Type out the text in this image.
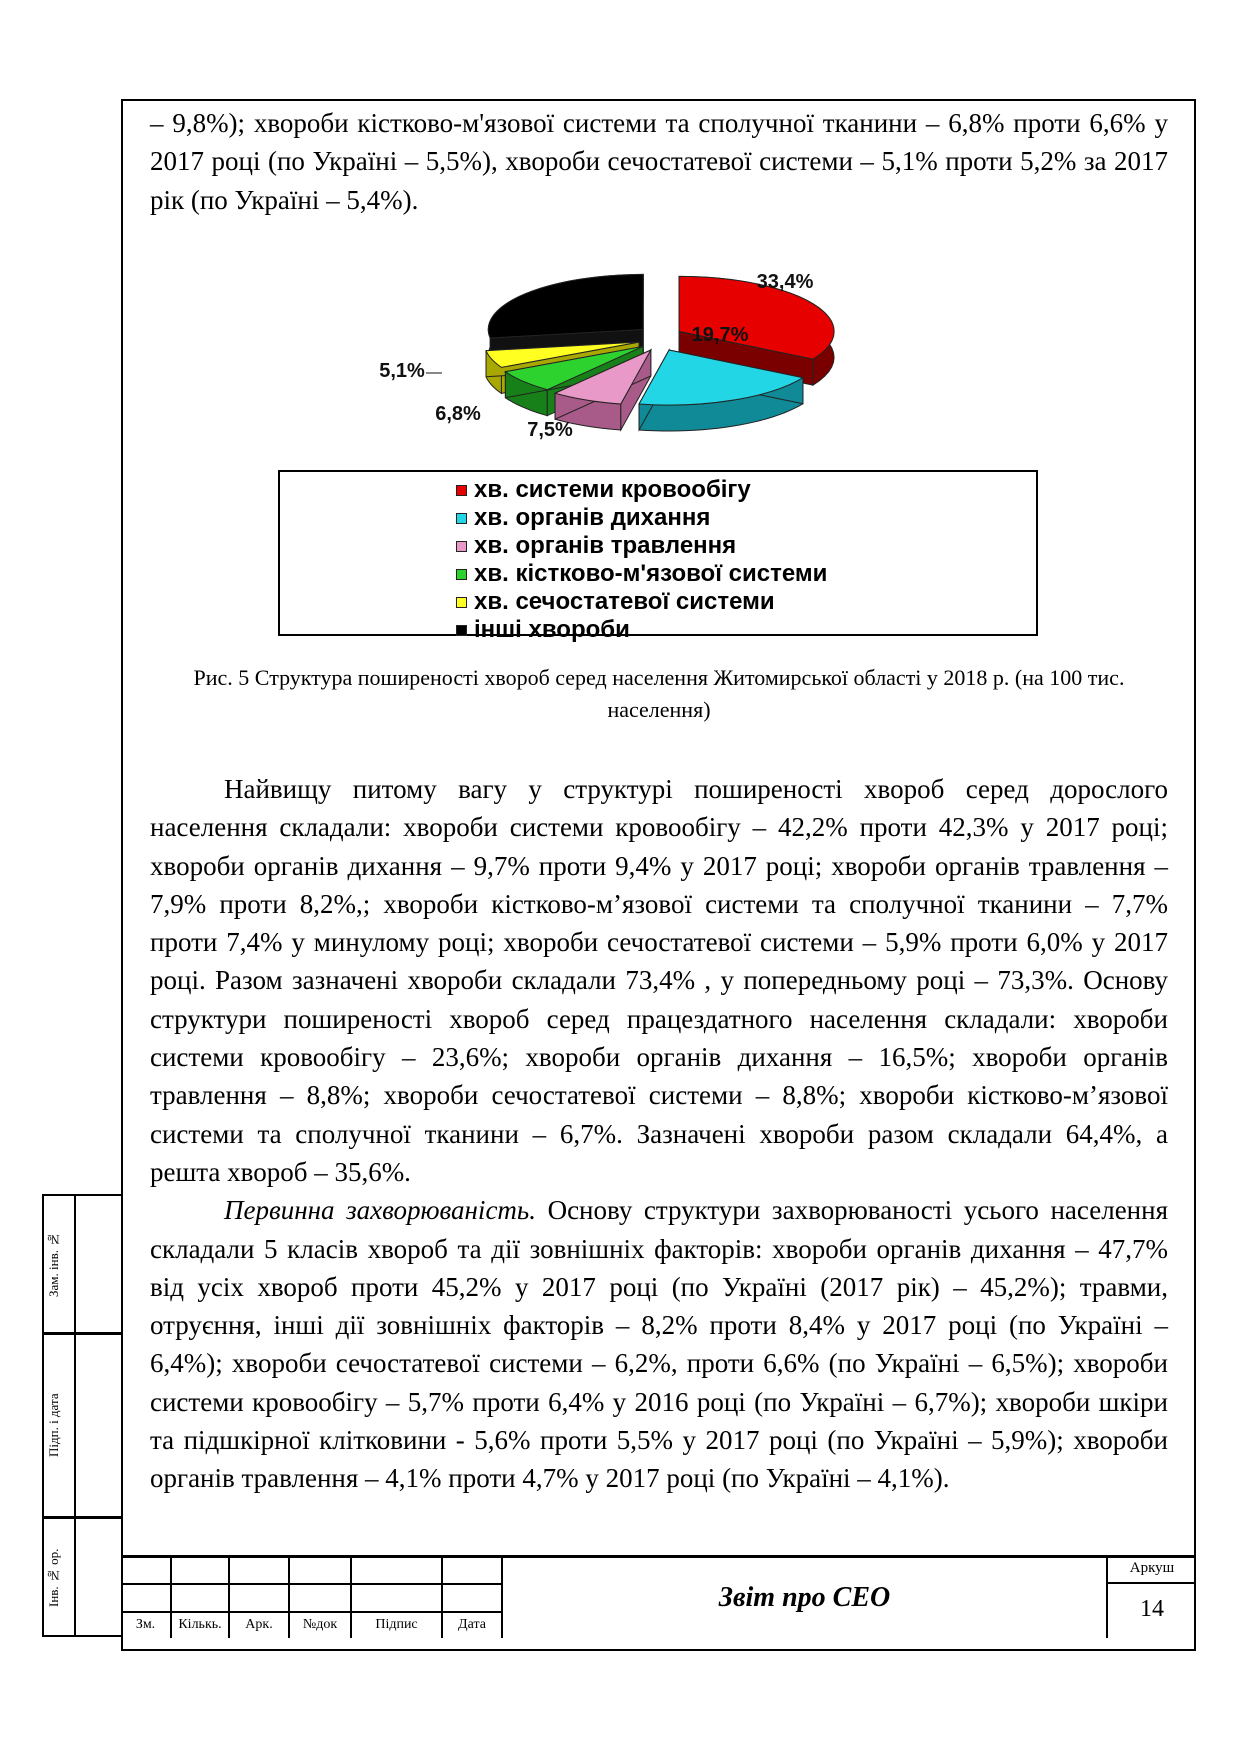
– 9,8%); хвороби кістково-м'язової системи та сполучної тканини – 6,8% проти 6,6% у 2017 році (по Україні – 5,5%), хвороби сечостатевої системи – 5,1% проти 5,2% за 2017 рік (по Україні – 5,4%).

33,4%
19,7%
7,5%
6,8%
5,1%
хв. системи кровообігу
хв. органів дихання
хв. органів травлення
хв. кістково-м'язової системи
хв. сечостатевої системи
інші хвороби
Рис. 5 Структура поширеності хвороб серед населення Житомирської області у 2018 р. (на 100 тис. населення)

Найвищу питому вагу у структурі поширеності хвороб серед дорослого населення складали: хвороби системи кровообігу – 42,2% проти 42,3% у 2017 році; хвороби органів дихання – 9,7% проти 9,4% у 2017 році; хвороби органів травлення – 7,9% проти 8,2%,; хвороби кістково-м’язової системи та сполучної тканини – 7,7% проти 7,4% у минулому році; хвороби сечостатевої системи – 5,9% проти 6,0% у 2017 році. Разом зазначені хвороби складали 73,4% , у попередньому році – 73,3%. Основу структури поширеності хвороб серед працездатного населення складали: хвороби системи кровообігу – 23,6%; хвороби органів дихання – 16,5%; хвороби органів травлення – 8,8%; хвороби сечостатевої системи – 8,8%; хвороби кістково-м’язової системи та сполучної тканини – 6,7%. Зазначені хвороби разом складали 64,4%, а решта хвороб – 35,6%.

Первинна захворюваність. Основу структури захворюваності усього населення складали 5 класів хвороб та дії зовнішніх факторів: хвороби органів дихання – 47,7% від усіх хвороб проти 45,2% у 2017 році (по Україні (2017 рік) – 45,2%); травми, отруєння, інші дії зовнішніх факторів – 8,2% проти 8,4% у 2017 році (по Україні – 6,4%); хвороби сечостатевої системи – 6,2%, проти 6,6% (по Україні – 6,5%); хвороби системи кровообігу – 5,7% проти 6,4% у 2016 році (по Україні – 6,7%); хвороби шкіри та підшкірної клітковини - 5,6% проти 5,5% у 2017 році (по Україні – 5,9%); хвороби органів травлення – 4,1% проти 4,7% у 2017 році (по Україні – 4,1%).

Зам. інв. №
Підп. і дата
Інв. № ор.
Зм.	Кількь.	Арк.	№док	Підпис	Дата
Звіт про СЕО
Аркуш
14
